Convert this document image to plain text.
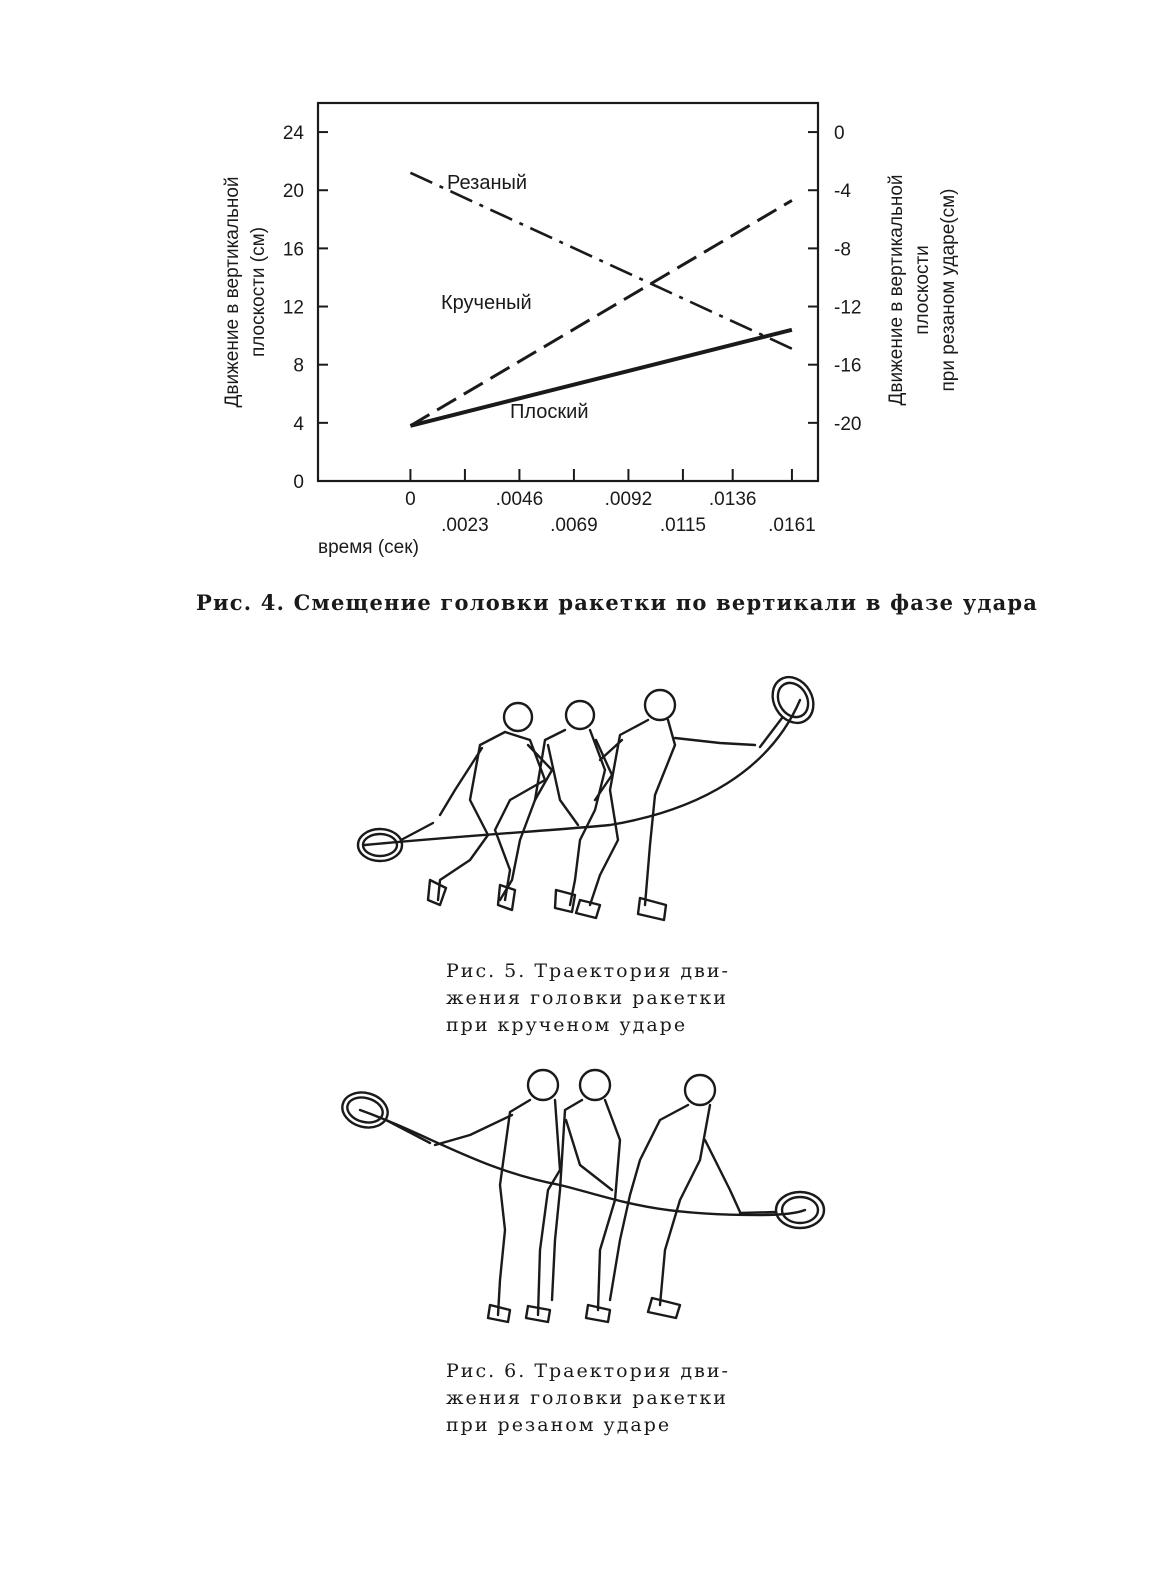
0
4
8
12
16
20
24	0
-4
-8
-12
-16
-20
0	.0046	.0092	.0136
.0023	.0069	.0115	.0161
Резаный
Крученый
Плоский
Движение в вертикальной плоскости (см)	Движение в вертикальной плоскости при резаном ударе(см)
время (сек)
Рис. 4. Смещение головки ракетки по вертикали в фазе удара
Рис. 5. Траектория дви-
жения головки ракетки
при крученом ударе
Рис. 6. Траектория дви-
жения головки ракетки
при резаном ударе
